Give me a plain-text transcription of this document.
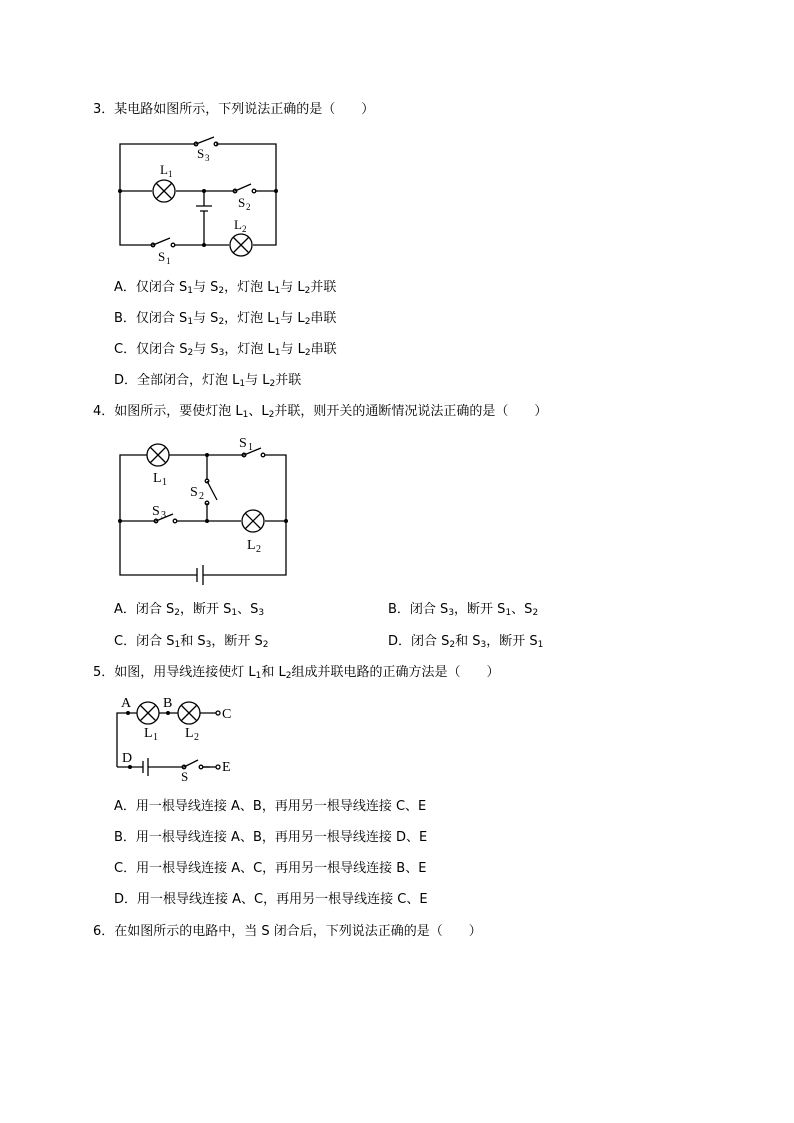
3．某电路如图所示，下列说法正确的是（　　）
S 3
L 1
S 2
S 1
L 2
A．仅闭合 $S_1$与 $S_2$，灯泡 $L_1$与 $L_2$并联
B．仅闭合 $S_1$与 $S_2$，灯泡 $L_1$与 $L_2$串联
C．仅闭合 $S_2$与 $S_3$，灯泡 $L_1$与 $L_2$串联
D．全部闭合，灯泡 $L_1$与 $L_2$并联
4．如图所示，要使灯泡 $L_1$、$L_2$并联，则开关的通断情况说法正确的是（　　）
S 1
L 1
S 2
S 3
L 2
A．闭合 $S_2$，断开 $S_1$、$S_3$	B．闭合 $S_3$，断开 $S_1$、$S_2$
C．闭合 $S_1$和 $S_3$，断开 $S_2$	D．闭合 $S_2$和 $S_3$，断开 $S_1$
5．如图，用导线连接使灯 $L_1$和 $L_2$组成并联电路的正确方法是（　　）
A B
C
L 1 L 2
D
E
S
A．用一根导线连接 A、B，再用另一根导线连接 C、E
B．用一根导线连接 A、B，再用另一根导线连接 D、E
C．用一根导线连接 A、C，再用另一根导线连接 B、E
D．用一根导线连接 A、C，再用另一根导线连接 C、E
6．在如图所示的电路中，当 S 闭合后，下列说法正确的是（　　）
